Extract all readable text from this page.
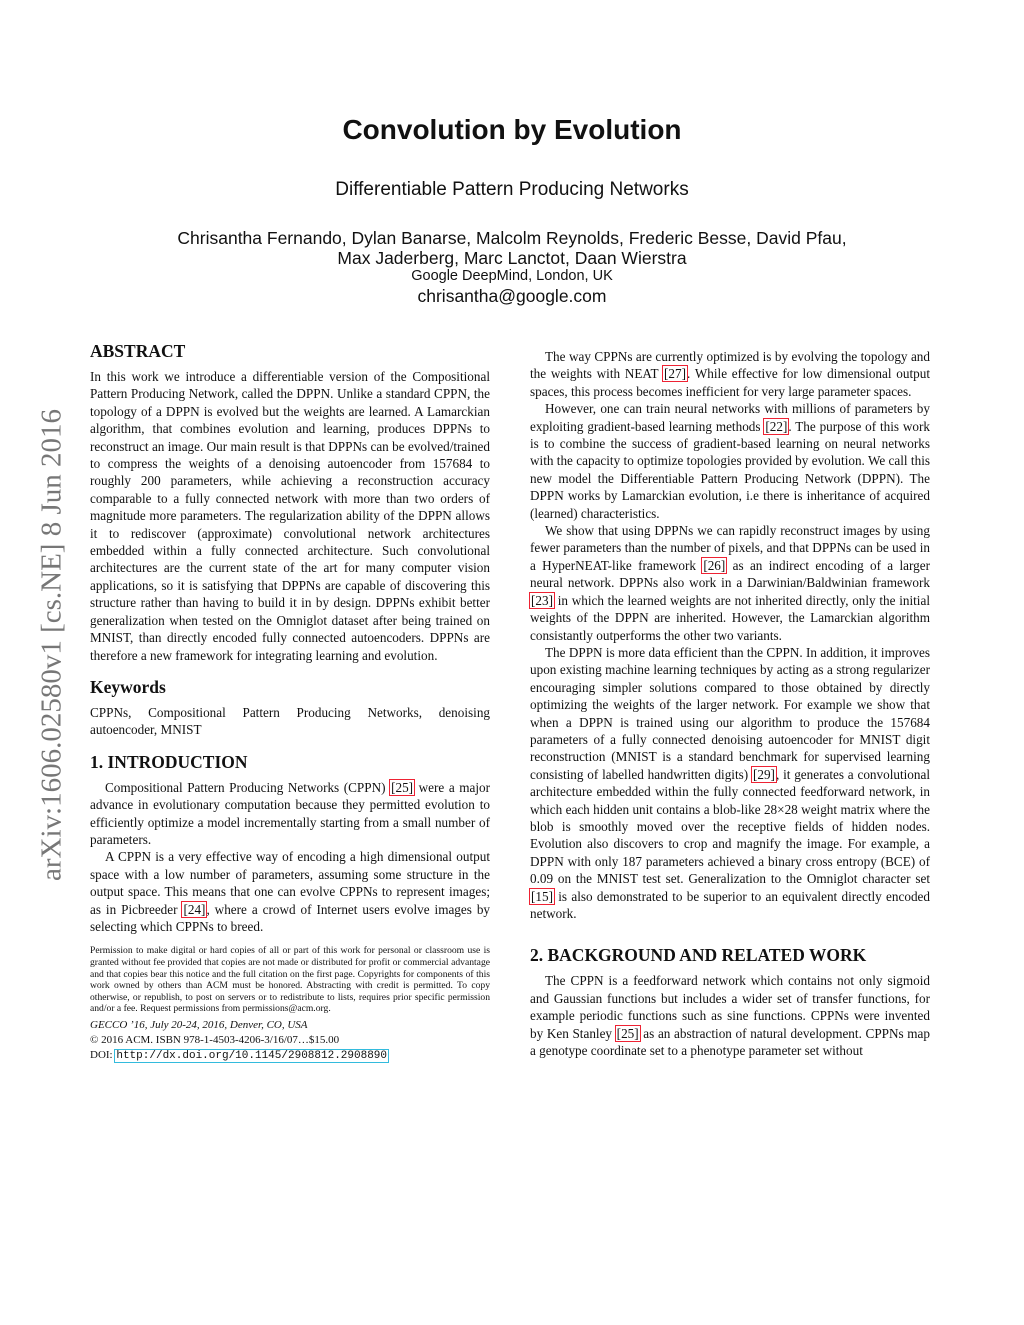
Convolution by Evolution
Differentiable Pattern Producing Networks
Chrisantha Fernando, Dylan Banarse, Malcolm Reynolds, Frederic Besse, David Pfau,
Max Jaderberg, Marc Lanctot, Daan Wierstra
Google DeepMind, London, UK
chrisantha@google.com
arXiv:1606.02580v1 [cs.NE] 8 Jun 2016
ABSTRACT

In this work we introduce a differentiable version of the Compositional Pattern Producing Network, called the DPPN. Unlike a standard CPPN, the topology of a DPPN is evolved but the weights are learned. A Lamarckian algorithm, that combines evolution and learning, produces DPPNs to reconstruct an image. Our main result is that DPPNs can be evolved/trained to compress the weights of a denoising autoencoder from 157684 to roughly 200 parameters, while achieving a reconstruction accuracy comparable to a fully connected network with more than two orders of magnitude more parameters. The regularization ability of the DPPN allows it to rediscover (approximate) convolutional network architectures embedded within a fully connected architecture. Such convolutional architectures are the current state of the art for many computer vision applications, so it is satisfying that DPPNs are capable of discovering this structure rather than having to build it in by design. DPPNs exhibit better generalization when tested on the Omniglot dataset after being trained on MNIST, than directly encoded fully connected autoencoders. DPPNs are therefore a new framework for integrating learning and evolution.

Keywords

CPPNs, Compositional Pattern Producing Networks, denoising autoencoder, MNIST

1. INTRODUCTION

Compositional Pattern Producing Networks (CPPN) [25] were a major advance in evolutionary computation because they permitted evolution to efficiently optimize a model incrementally starting from a small number of parameters.

A CPPN is a very effective way of encoding a high dimensional output space with a low number of parameters, assuming some structure in the output space. This means that one can evolve CPPNs to represent images; as in Picbreeder [24], where a crowd of Internet users evolve images by selecting which CPPNs to breed.

Permission to make digital or hard copies of all or part of this work for personal or classroom use is granted without fee provided that copies are not made or distributed for profit or commercial advantage and that copies bear this notice and the full citation on the first page. Copyrights for components of this work owned by others than ACM must be honored. Abstracting with credit is permitted. To copy otherwise, or republish, to post on servers or to redistribute to lists, requires prior specific permission and/or a fee. Request permissions from permissions@acm.org.
GECCO ’16, July 20-24, 2016, Denver, CO, USA
© 2016 ACM. ISBN 978-1-4503-4206-3/16/07…$15.00
DOI: http://dx.doi.org/10.1145/2908812.2908890

The way CPPNs are currently optimized is by evolving the topology and the weights with NEAT [27]. While effective for low dimensional output spaces, this process becomes inefficient for very large parameter spaces.

However, one can train neural networks with millions of parameters by exploiting gradient-based learning methods [22]. The purpose of this work is to combine the success of gradient-based learning on neural networks with the capacity to optimize topologies provided by evolution. We call this new model the Differentiable Pattern Producing Network (DPPN). The DPPN works by Lamarckian evolution, i.e there is inheritance of acquired (learned) characteristics.

We show that using DPPNs we can rapidly reconstruct images by using fewer parameters than the number of pixels, and that DPPNs can be used in a HyperNEAT-like framework [26] as an indirect encoding of a larger neural network. DPPNs also work in a Darwinian/Baldwinian framework [23] in which the learned weights are not inherited directly, only the initial weights of the DPPN are inherited. However, the Lamarckian algorithm consistantly outperforms the other two variants.

The DPPN is more data efficient than the CPPN. In addition, it improves upon existing machine learning techniques by acting as a strong regularizer encouraging simpler solutions compared to those obtained by directly optimizing the weights of the larger network. For example we show that when a DPPN is trained using our algorithm to produce the 157684 parameters of a fully connected denoising autoencoder for MNIST digit reconstruction (MNIST is a standard benchmark for supervised learning consisting of labelled handwritten digits) [29], it generates a convolutional architecture embedded within the fully connected feedforward network, in which each hidden unit contains a blob-like 28×28 weight matrix where the blob is smoothly moved over the receptive fields of hidden nodes. Evolution also discovers to crop and magnify the image. For example, a DPPN with only 187 parameters achieved a binary cross entropy (BCE) of 0.09 on the MNIST test set. Generalization to the Omniglot character set [15] is also demonstrated to be superior to an equivalent directly encoded network.

2. BACKGROUND AND RELATED WORK

The CPPN is a feedforward network which contains not only sigmoid and Gaussian functions but includes a wider set of transfer functions, for example periodic functions such as sine functions. CPPNs were invented by Ken Stanley [25] as an abstraction of natural development. CPPNs map a genotype coordinate set to a phenotype parameter set without
